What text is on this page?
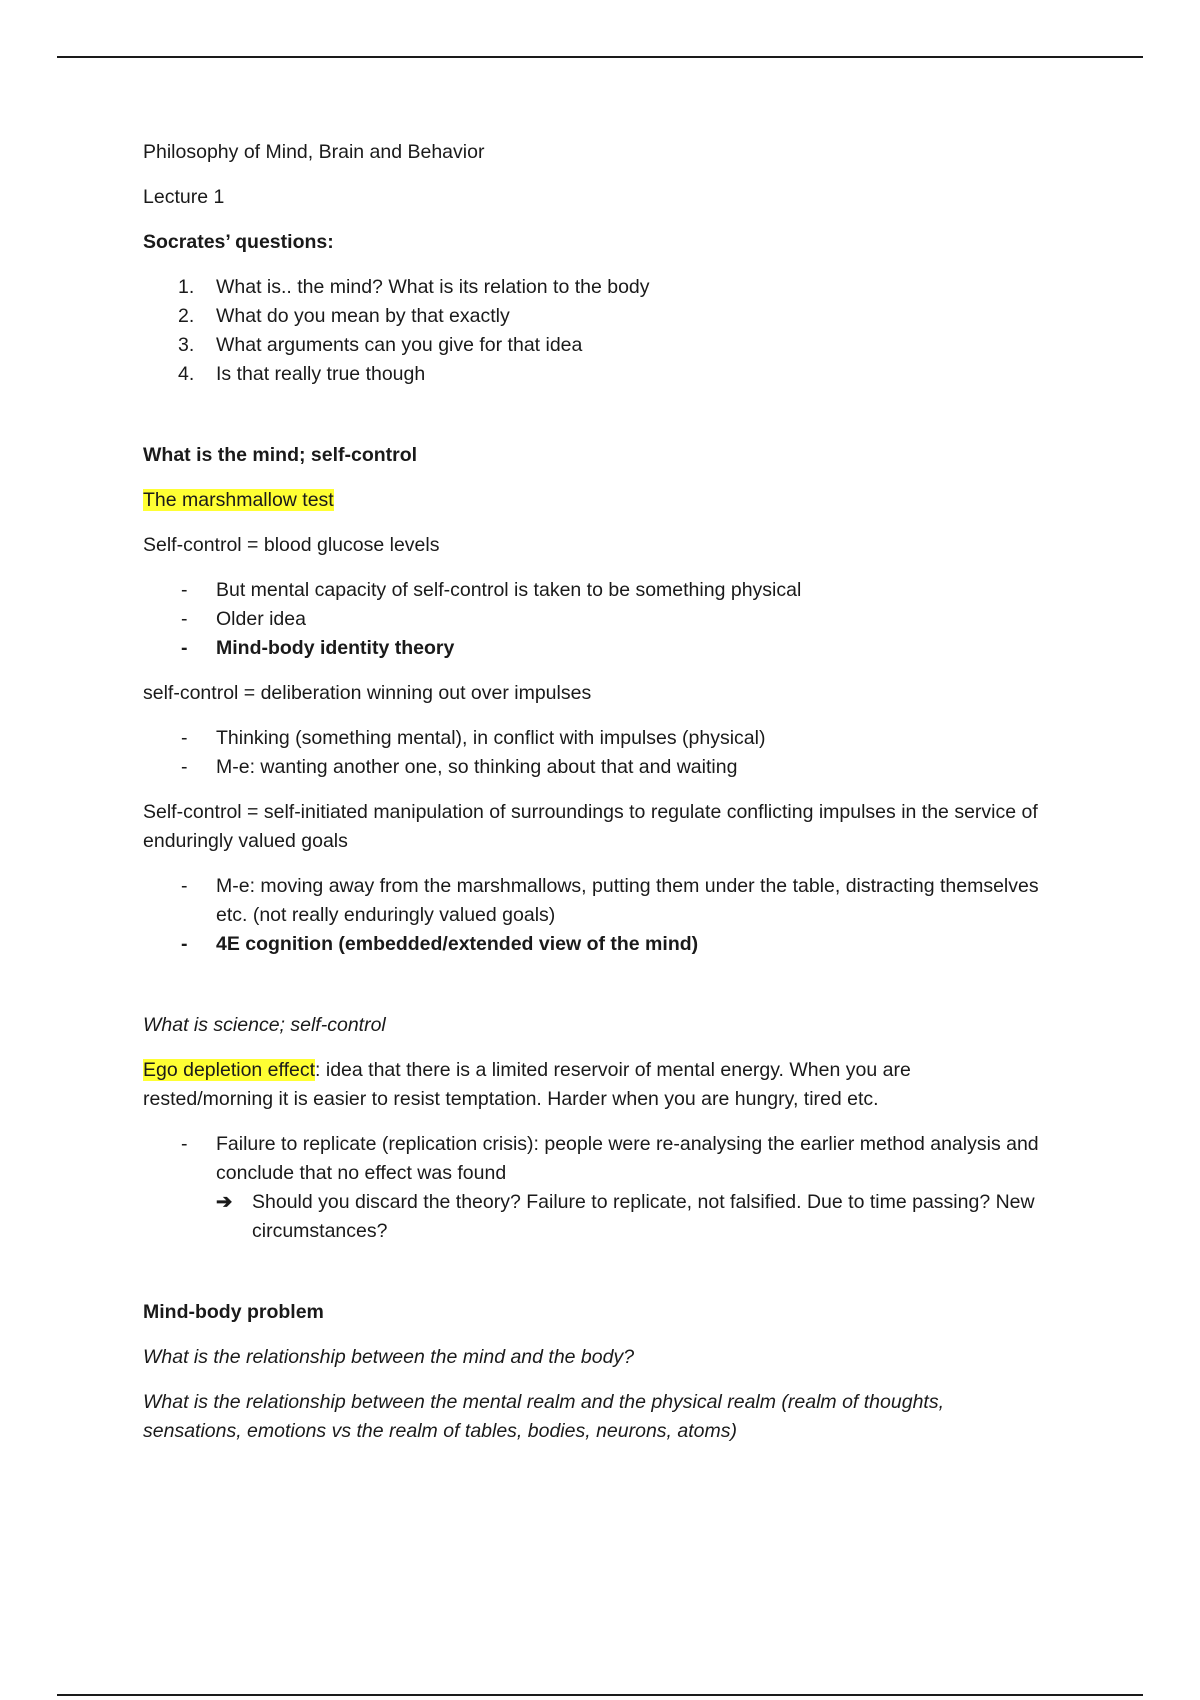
Philosophy of Mind, Brain and Behavior

Lecture 1

Socrates’ questions:

1. What is.. the mind? What is its relation to the body
2. What do you mean by that exactly
3. What arguments can you give for that idea
4. Is that really true though

What is the mind; self-control

The marshmallow test

Self-control = blood glucose levels

- But mental capacity of self-control is taken to be something physical
- Older idea
- Mind-body identity theory

self-control = deliberation winning out over impulses

- Thinking (something mental), in conflict with impulses (physical)
- M-e: wanting another one, so thinking about that and waiting

Self-control = self-initiated manipulation of surroundings to regulate conflicting impulses in the service of enduringly valued goals

- M-e: moving away from the marshmallows, putting them under the table, distracting themselves etc. (not really enduringly valued goals)
- 4E cognition (embedded/extended view of the mind)

What is science; self-control

Ego depletion effect: idea that there is a limited reservoir of mental energy. When you are rested/morning it is easier to resist temptation. Harder when you are hungry, tired etc.

- Failure to replicate (replication crisis): people were re-analysing the earlier method analysis and conclude that no effect was found
➔ Should you discard the theory? Failure to replicate, not falsified. Due to time passing? New circumstances?

Mind-body problem

What is the relationship between the mind and the body?

What is the relationship between the mental realm and the physical realm (realm of thoughts, sensations, emotions vs the realm of tables, bodies, neurons, atoms)
